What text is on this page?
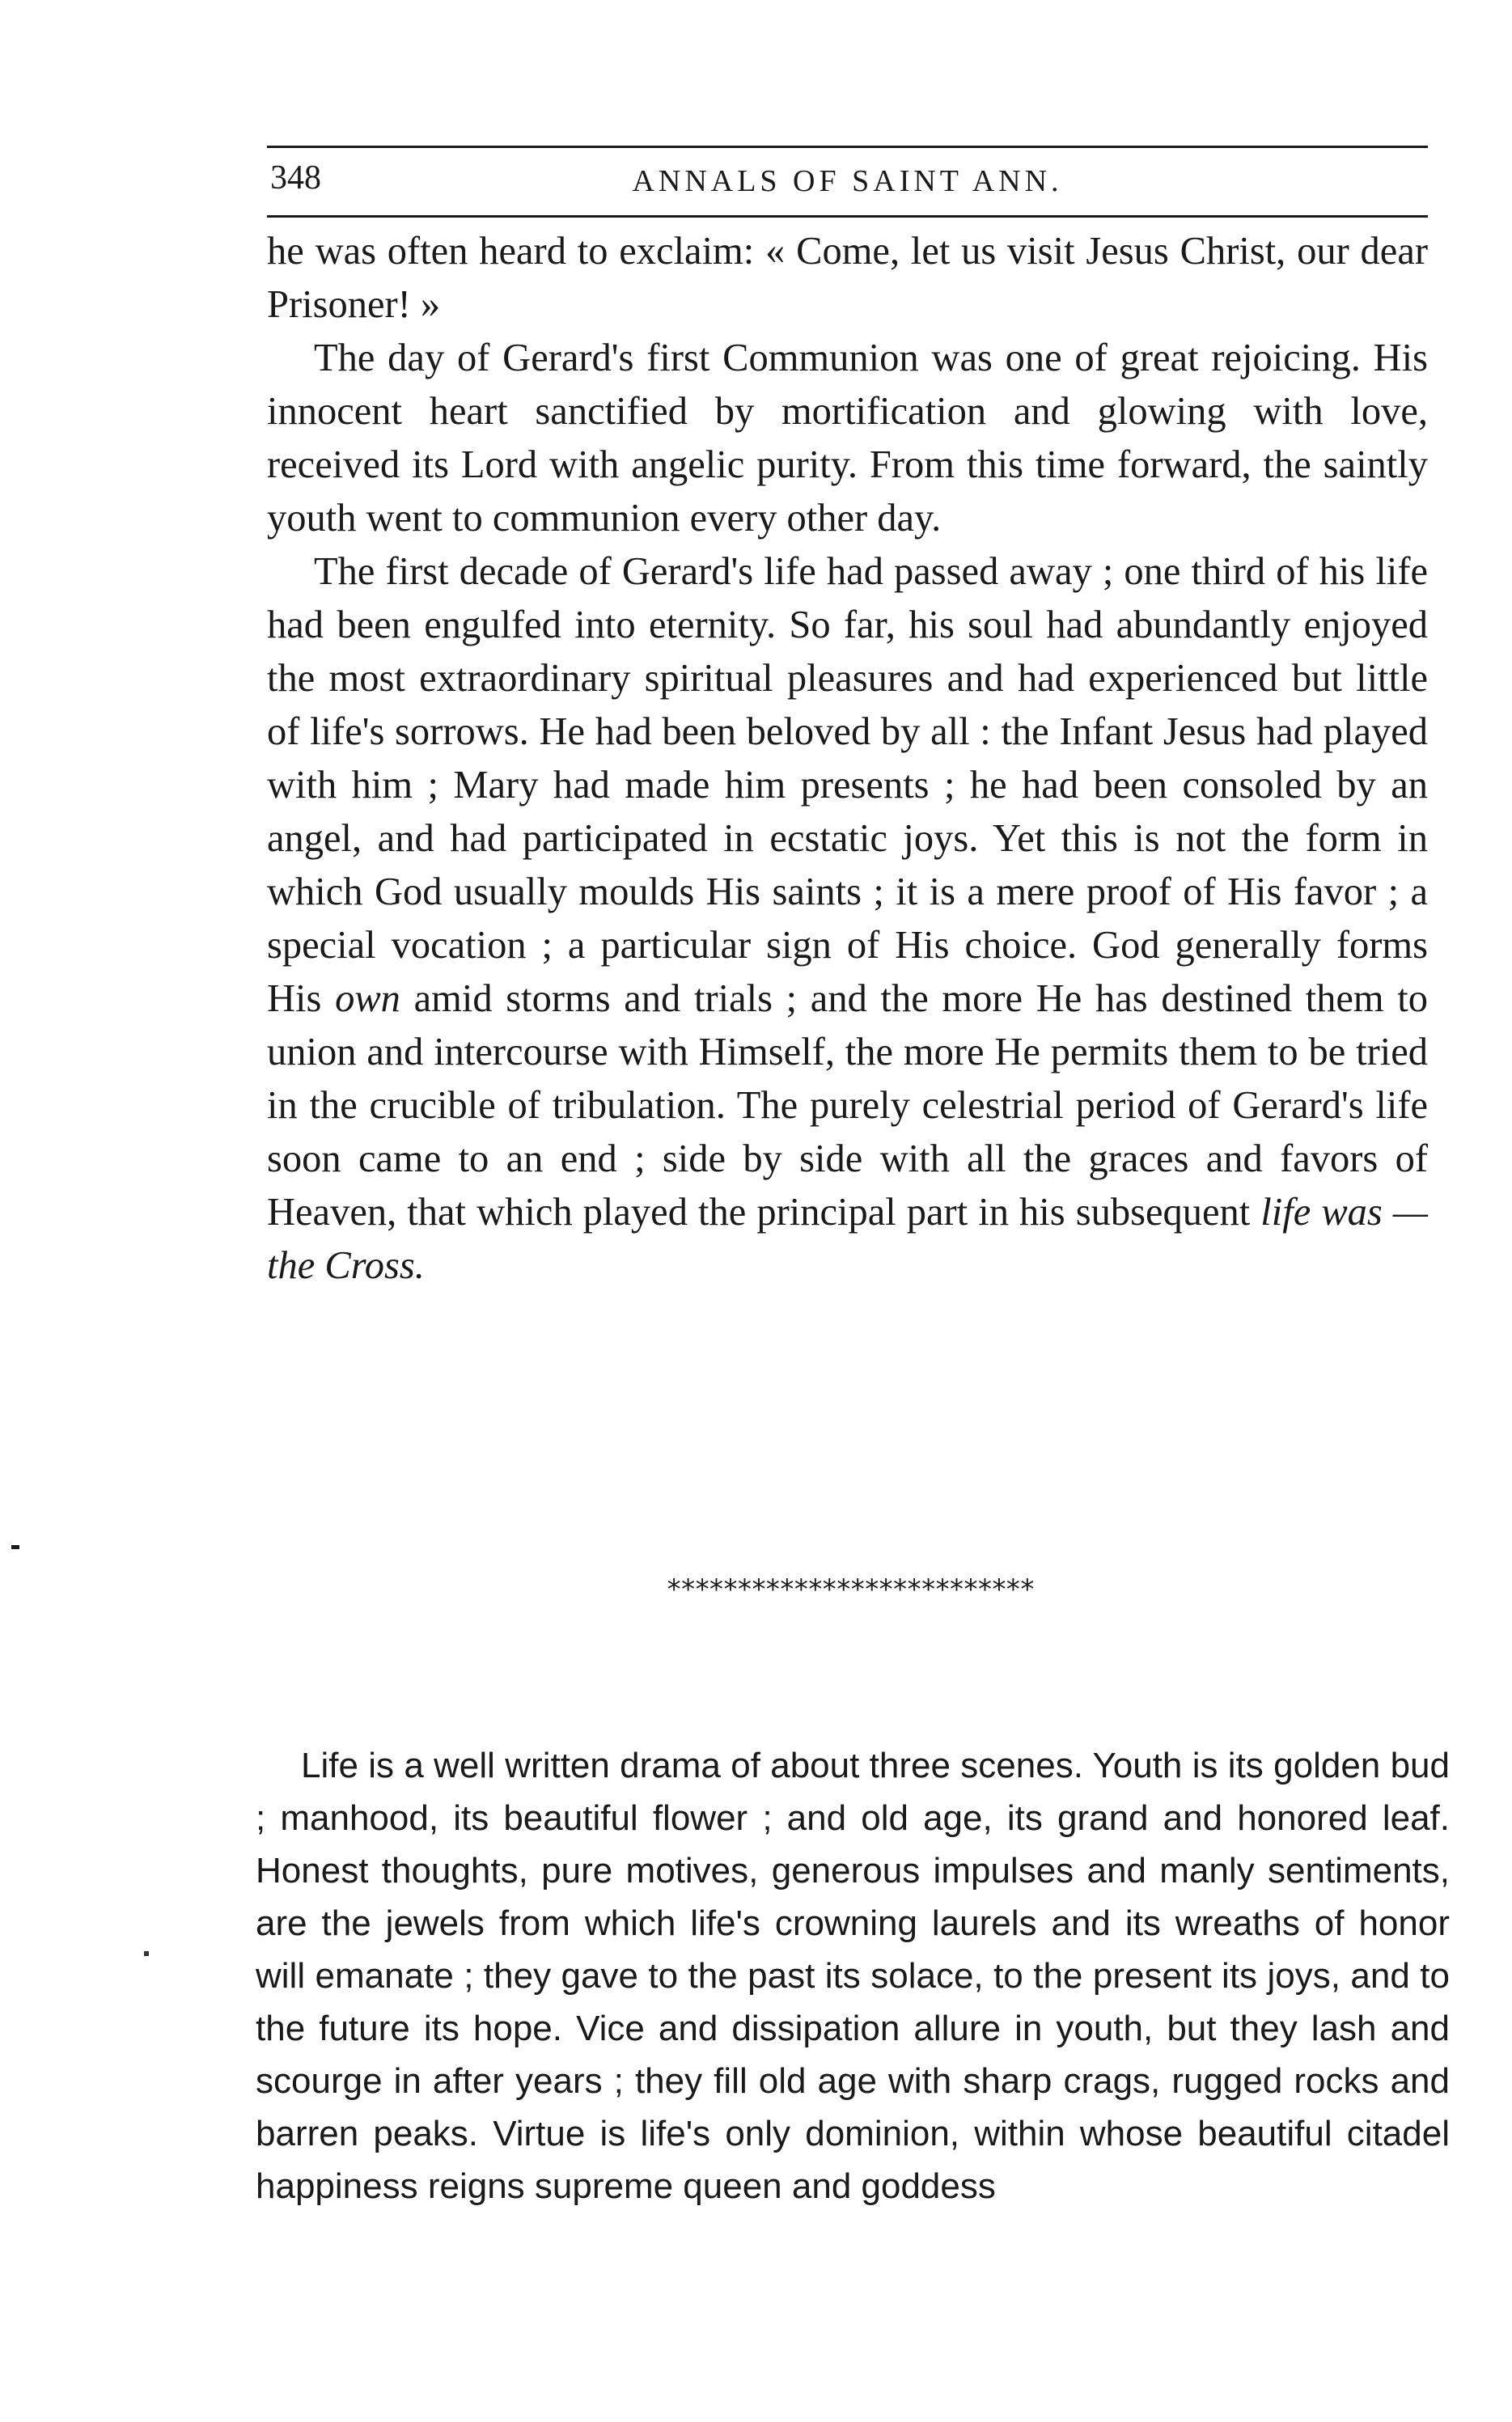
348	ANNALS OF SAINT ANN.

he was often heard to exclaim: « Come, let us visit Jesus Christ, our dear Prisoner! »

The day of Gerard's first Communion was one of great rejoicing. His innocent heart sanctified by mortification and glowing with love, received its Lord with angelic purity. From this time forward, the saintly youth went to communion every other day.

The first decade of Gerard's life had passed away ; one third of his life had been engulfed into eternity. So far, his soul had abundantly enjoyed the most extraordinary spiritual pleasures and had experienced but little of life's sorrows. He had been beloved by all : the Infant Jesus had played with him ; Mary had made him presents ; he had been consoled by an angel, and had participated in ecstatic joys. Yet this is not the form in which God usually moulds His saints ; it is a mere proof of His favor ; a special vocation ; a particular sign of His choice. God generally forms His own amid storms and trials ; and the more He has destined them to union and intercourse with Himself, the more He permits them to be tried in the crucible of tribulation. The purely celestrial period of Gerard's life soon came to an end ; side by side with all the graces and favors of Heaven, that which played the principal part in his subsequent life was — the Cross.

**************************

Life is a well written drama of about three scenes. Youth is its golden bud ; manhood, its beautiful flower ; and old age, its grand and honored leaf. Honest thoughts, pure motives, generous impulses and manly sentiments, are the jewels from which life's crowning laurels and its wreaths of honor will emanate ; they gave to the past its solace, to the present its joys, and to the future its hope. Vice and dissipation allure in youth, but they lash and scourge in after years ; they fill old age with sharp crags, rugged rocks and barren peaks. Virtue is life's only dominion, within whose beautiful citadel happiness reigns supreme queen and goddess
